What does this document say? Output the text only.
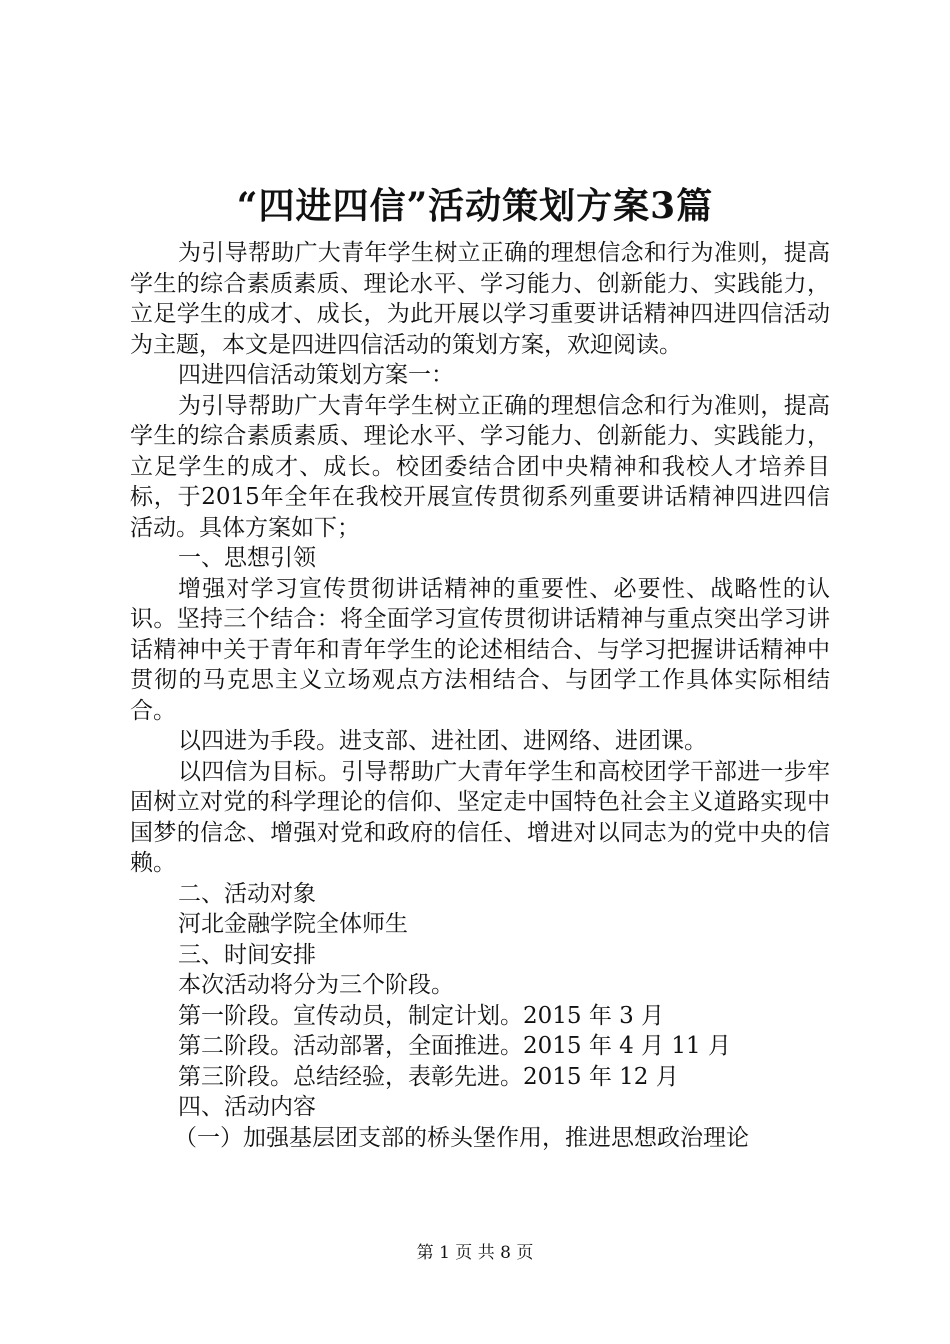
“四进四信”活动策划方案3篇

为引导帮助广大青年学生树立正确的理想信念和行为准则，提高学生的综合素质素质、理论水平、学习能力、创新能力、实践能力，立足学生的成才、成长，为此开展以学习重要讲话精神四进四信活动为主题，本文是四进四信活动的策划方案，欢迎阅读。

四进四信活动策划方案一：

为引导帮助广大青年学生树立正确的理想信念和行为准则，提高学生的综合素质素质、理论水平、学习能力、创新能力、实践能力，立足学生的成才、成长。校团委结合团中央精神和我校人才培养目标，于2015年全年在我校开展宣传贯彻系列重要讲话精神四进四信活动。具体方案如下；

一、思想引领

增强对学习宣传贯彻讲话精神的重要性、必要性、战略性的认识。坚持三个结合：将全面学习宣传贯彻讲话精神与重点突出学习讲话精神中关于青年和青年学生的论述相结合、与学习把握讲话精神中贯彻的马克思主义立场观点方法相结合、与团学工作具体实际相结合。

以四进为手段。进支部、进社团、进网络、进团课。

以四信为目标。引导帮助广大青年学生和高校团学干部进一步牢固树立对党的科学理论的信仰、坚定走中国特色社会主义道路实现中国梦的信念、增强对党和政府的信任、增进对以同志为的党中央的信赖。

二、活动对象

河北金融学院全体师生

三、时间安排

本次活动将分为三个阶段。

第一阶段。宣传动员，制定计划。2015 年 3 月

第二阶段。活动部署，全面推进。2015 年 4 月 11 月

第三阶段。总结经验，表彰先进。2015 年 12 月

四、活动内容

（一）加强基层团支部的桥头堡作用，推进思想政治理论

第 1 页 共 8 页
